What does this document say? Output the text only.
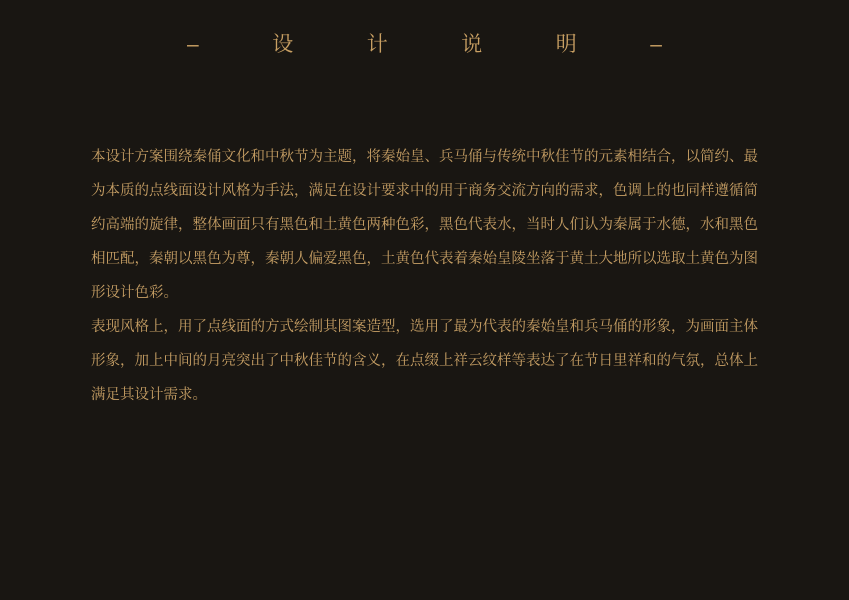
–   设   计   说   明   –

本设计方案围绕秦俑文化和中秋节为主题，将秦始皇、兵马俑与传统中秋佳节的元素相结合，以简约、最为本质的点线面设计风格为手法，满足在设计要求中的用于商务交流方向的需求，色调上的也同样遵循简约高端的旋律，整体画面只有黑色和土黄色两种色彩，黑色代表水，当时人们认为秦属于水德，水和黑色相匹配，秦朝以黑色为尊，秦朝人偏爱黑色，土黄色代表着秦始皇陵坐落于黄土大地所以选取土黄色为图形设计色彩。

表现风格上，用了点线面的方式绘制其图案造型，选用了最为代表的秦始皇和兵马俑的形象，为画面主体形象，加上中间的月亮突出了中秋佳节的含义，在点缀上祥云纹样等表达了在节日里祥和的气氛，总体上满足其设计需求。
